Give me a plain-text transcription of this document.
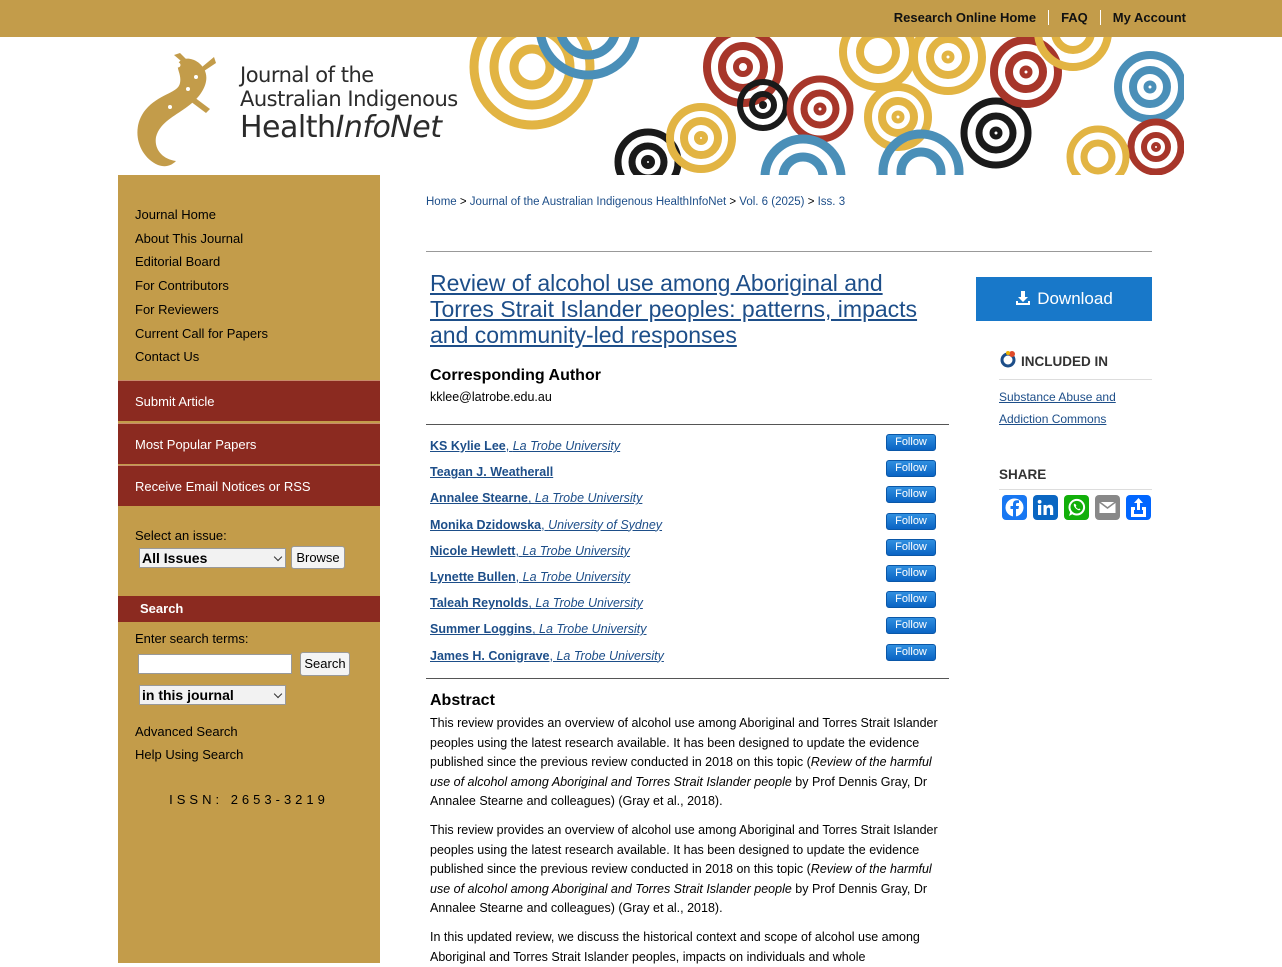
Research Online Home FAQ My Account
Journal of the
Australian Indigenous
HealthInfoNet
Journal Home
About This Journal
Editorial Board
For Contributors
For Reviewers
Current Call for Papers
Contact Us
Submit Article
Most Popular Papers
Receive Email Notices or RSS
Select an issue:
All Issues	Browse
Search
Enter search terms:
Search
in this journal
Advanced Search
Help Using Search
ISSN: 2653-3219
Home > Journal of the Australian Indigenous HealthInfoNet > Vol. 6 (2025) > Iss. 3
Review of alcohol use among Aboriginal and Torres Strait Islander peoples: patterns, impacts and community-led responses
Corresponding Author
kklee@latrobe.edu.au
KS Kylie Lee, La Trobe University	Follow
Teagan J. Weatherall	Follow
Annalee Stearne, La Trobe University	Follow
Monika Dzidowska, University of Sydney	Follow
Nicole Hewlett, La Trobe University	Follow
Lynette Bullen, La Trobe University	Follow
Taleah Reynolds, La Trobe University	Follow
Summer Loggins, La Trobe University	Follow
James H. Conigrave, La Trobe University	Follow
Abstract

This review provides an overview of alcohol use among Aboriginal and Torres Strait Islander peoples using the latest research available. It has been designed to update the evidence published since the previous review conducted in 2018 on this topic (Review of the harmful use of alcohol among Aboriginal and Torres Strait Islander people by Prof Dennis Gray, Dr Annalee Stearne and colleagues) (Gray et al., 2018).

This review provides an overview of alcohol use among Aboriginal and Torres Strait Islander peoples using the latest research available. It has been designed to update the evidence published since the previous review conducted in 2018 on this topic (Review of the harmful use of alcohol among Aboriginal and Torres Strait Islander people by Prof Dennis Gray, Dr Annalee Stearne and colleagues) (Gray et al., 2018).

In this updated review, we discuss the historical context and scope of alcohol use among Aboriginal and Torres Strait Islander peoples, impacts on individuals and whole

Download
INCLUDED IN
Substance Abuse and Addiction Commons
SHARE
